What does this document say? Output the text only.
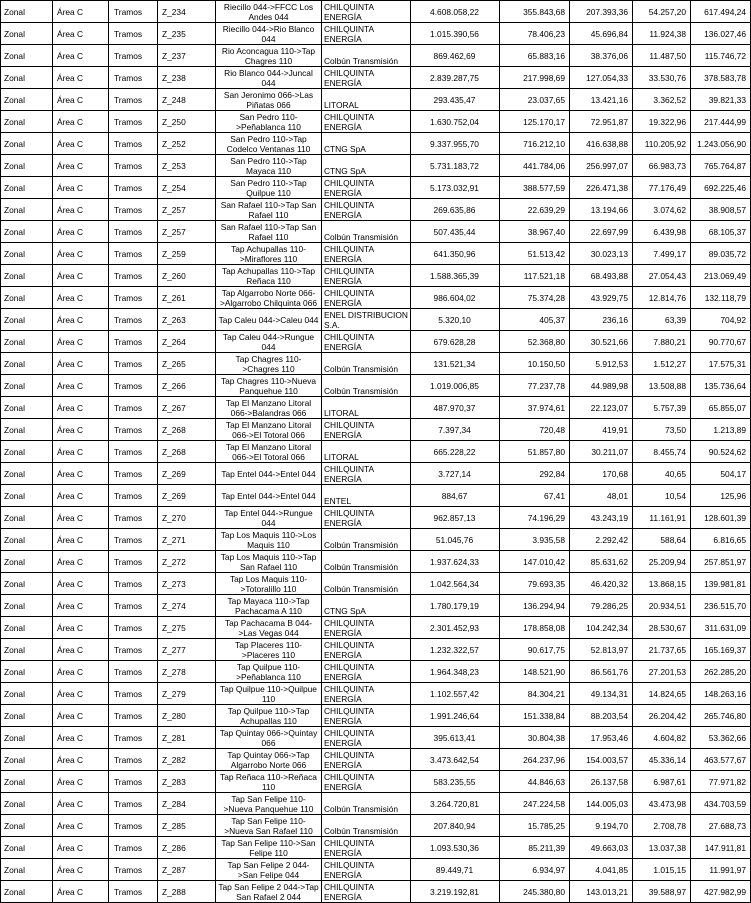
Zonal	Área C	Tramos	Z_234	Riecillo 044->FFCC Los Andes 044	CHILQUINTA ENERGÍA	4.608.058,22	355.843,68	207.393,36	54.257,20	617.494,24
Zonal	Área C	Tramos	Z_235	Riecillo 044->Rio Blanco 044	CHILQUINTA ENERGÍA	1.015.390,56	78.406,23	45.696,84	11.924,38	136.027,46
Zonal	Área C	Tramos	Z_237	Rio Aconcagua 110->Tap Chagres 110	Colbún Transmisión	869.462,69	65.883,16	38.376,06	11.487,50	115.746,72
Zonal	Área C	Tramos	Z_238	Rio Blanco 044->Juncal 044	CHILQUINTA ENERGÍA	2.839.287,75	217.998,69	127.054,33	33.530,76	378.583,78
Zonal	Área C	Tramos	Z_248	San Jeronimo 066->Las Piñatas 066	LITORAL	293.435,47	23.037,65	13.421,16	3.362,52	39.821,33
Zonal	Área C	Tramos	Z_250	San Pedro 110->Peñablanca 110	CHILQUINTA ENERGÍA	1.630.752,04	125.170,17	72.951,87	19.322,96	217.444,99
Zonal	Área C	Tramos	Z_252	San Pedro 110->Tap Codelco Ventanas 110	CTNG SpA	9.337.955,70	716.212,10	416.638,88	110.205,92	1.243.056,90
Zonal	Área C	Tramos	Z_253	San Pedro 110->Tap Mayaca 110	CTNG SpA	5.731.183,72	441.784,06	256.997,07	66.983,73	765.764,87
Zonal	Área C	Tramos	Z_254	San Pedro 110->Tap Quilpue 110	CHILQUINTA ENERGÍA	5.173.032,91	388.577,59	226.471,38	77.176,49	692.225,46
Zonal	Área C	Tramos	Z_257	San Rafael 110->Tap San Rafael 110	CHILQUINTA ENERGÍA	269.635,86	22.639,29	13.194,66	3.074,62	38.908,57
Zonal	Área C	Tramos	Z_257	San Rafael 110->Tap San Rafael 110	Colbún Transmisión	507.435,44	38.967,40	22.697,99	6.439,98	68.105,37
Zonal	Área C	Tramos	Z_259	Tap Achupallas 110->Miraflores 110	CHILQUINTA ENERGÍA	641.350,96	51.513,42	30.023,13	7.499,17	89.035,72
Zonal	Área C	Tramos	Z_260	Tap Achupallas 110->Tap Reñaca 110	CHILQUINTA ENERGÍA	1.588.365,39	117.521,18	68.493,88	27.054,43	213.069,49
Zonal	Área C	Tramos	Z_261	Tap Algarrobo Norte 066->Algarrobo Chilquinta 066	CHILQUINTA ENERGÍA	986.604,02	75.374,28	43.929,75	12.814,76	132.118,79
Zonal	Área C	Tramos	Z_263	Tap Caleu 044->Caleu 044	ENEL DISTRIBUCION S.A.	5.320,10	405,37	236,16	63,39	704,92
Zonal	Área C	Tramos	Z_264	Tap Caleu 044->Rungue 044	CHILQUINTA ENERGÍA	679.628,28	52.368,80	30.521,66	7.880,21	90.770,67
Zonal	Área C	Tramos	Z_265	Tap Chagres 110->Chagres 110	Colbún Transmisión	131.521,34	10.150,50	5.912,53	1.512,27	17.575,31
Zonal	Área C	Tramos	Z_266	Tap Chagres 110->Nueva Panquehue 110	Colbún Transmisión	1.019.006,85	77.237,78	44.989,98	13.508,88	135.736,64
Zonal	Área C	Tramos	Z_267	Tap El Manzano Litoral 066->Balandras 066	LITORAL	487.970,37	37.974,61	22.123,07	5.757,39	65.855,07
Zonal	Área C	Tramos	Z_268	Tap El Manzano Litoral 066->El Totoral 066	CHILQUINTA ENERGÍA	7.397,34	720,48	419,91	73,50	1.213,89
Zonal	Área C	Tramos	Z_268	Tap El Manzano Litoral 066->El Totoral 066	LITORAL	665.228,22	51.857,80	30.211,07	8.455,74	90.524,62
Zonal	Área C	Tramos	Z_269	Tap Entel 044->Entel 044	CHILQUINTA ENERGÍA	3.727,14	292,84	170,68	40,65	504,17
Zonal	Área C	Tramos	Z_269	Tap Entel 044->Entel 044	ENTEL	884,67	67,41	48,01	10,54	125,96
Zonal	Área C	Tramos	Z_270	Tap Entel 044->Rungue 044	CHILQUINTA ENERGÍA	962.857,13	74.196,29	43.243,19	11.161,91	128.601,39
Zonal	Área C	Tramos	Z_271	Tap Los Maquis 110->Los Maquis 110	Colbún Transmisión	51.045,76	3.935,58	2.292,42	588,64	6.816,65
Zonal	Área C	Tramos	Z_272	Tap Los Maquis 110->Tap San Rafael 110	Colbún Transmisión	1.937.624,33	147.010,42	85.631,62	25.209,94	257.851,97
Zonal	Área C	Tramos	Z_273	Tap Los Maquis 110->Totoralillo 110	Colbún Transmisión	1.042.564,34	79.693,35	46.420,32	13.868,15	139.981,81
Zonal	Área C	Tramos	Z_274	Tap Mayaca 110->Tap Pachacama A 110	CTNG SpA	1.780.179,19	136.294,94	79.286,25	20.934,51	236.515,70
Zonal	Área C	Tramos	Z_275	Tap Pachacama B 044->Las Vegas 044	CHILQUINTA ENERGÍA	2.301.452,93	178.858,08	104.242,34	28.530,67	311.631,09
Zonal	Área C	Tramos	Z_277	Tap Placeres 110->Placeres 110	CHILQUINTA ENERGÍA	1.232.322,57	90.617,75	52.813,97	21.737,65	165.169,37
Zonal	Área C	Tramos	Z_278	Tap Quilpue 110->Peñablanca 110	CHILQUINTA ENERGÍA	1.964.348,23	148.521,90	86.561,76	27.201,53	262.285,20
Zonal	Área C	Tramos	Z_279	Tap Quilpue 110->Quilpue 110	CHILQUINTA ENERGÍA	1.102.557,42	84.304,21	49.134,31	14.824,65	148.263,16
Zonal	Área C	Tramos	Z_280	Tap Quilpue 110->Tap Achupallas 110	CHILQUINTA ENERGÍA	1.991.246,64	151.338,84	88.203,54	26.204,42	265.746,80
Zonal	Área C	Tramos	Z_281	Tap Quintay 066->Quintay 066	CHILQUINTA ENERGÍA	395.613,41	30.804,38	17.953,46	4.604,82	53.362,66
Zonal	Área C	Tramos	Z_282	Tap Quintay 066->Tap Algarrobo Norte 066	CHILQUINTA ENERGÍA	3.473.642,54	264.237,96	154.003,57	45.336,14	463.577,67
Zonal	Área C	Tramos	Z_283	Tap Reñaca 110->Reñaca 110	CHILQUINTA ENERGÍA	583.235,55	44.846,63	26.137,58	6.987,61	77.971,82
Zonal	Área C	Tramos	Z_284	Tap San Felipe 110->Nueva Panquehue 110	Colbún Transmisión	3.264.720,81	247.224,58	144.005,03	43.473,98	434.703,59
Zonal	Área C	Tramos	Z_285	Tap San Felipe 110->Nueva San Rafael 110	Colbún Transmisión	207.840,94	15.785,25	9.194,70	2.708,78	27.688,73
Zonal	Área C	Tramos	Z_286	Tap San Felipe 110->San Felipe 110	CHILQUINTA ENERGÍA	1.093.530,36	85.211,39	49.663,03	13.037,38	147.911,81
Zonal	Área C	Tramos	Z_287	Tap San Felipe 2 044->San Felipe 044	CHILQUINTA ENERGÍA	89.449,71	6.934,97	4.041,85	1.015,15	11.991,97
Zonal	Área C	Tramos	Z_288	Tap San Felipe 2 044->Tap San Rafael 2 044	CHILQUINTA ENERGÍA	3.219.192,81	245.380,80	143.013,21	39.588,97	427.982,99
